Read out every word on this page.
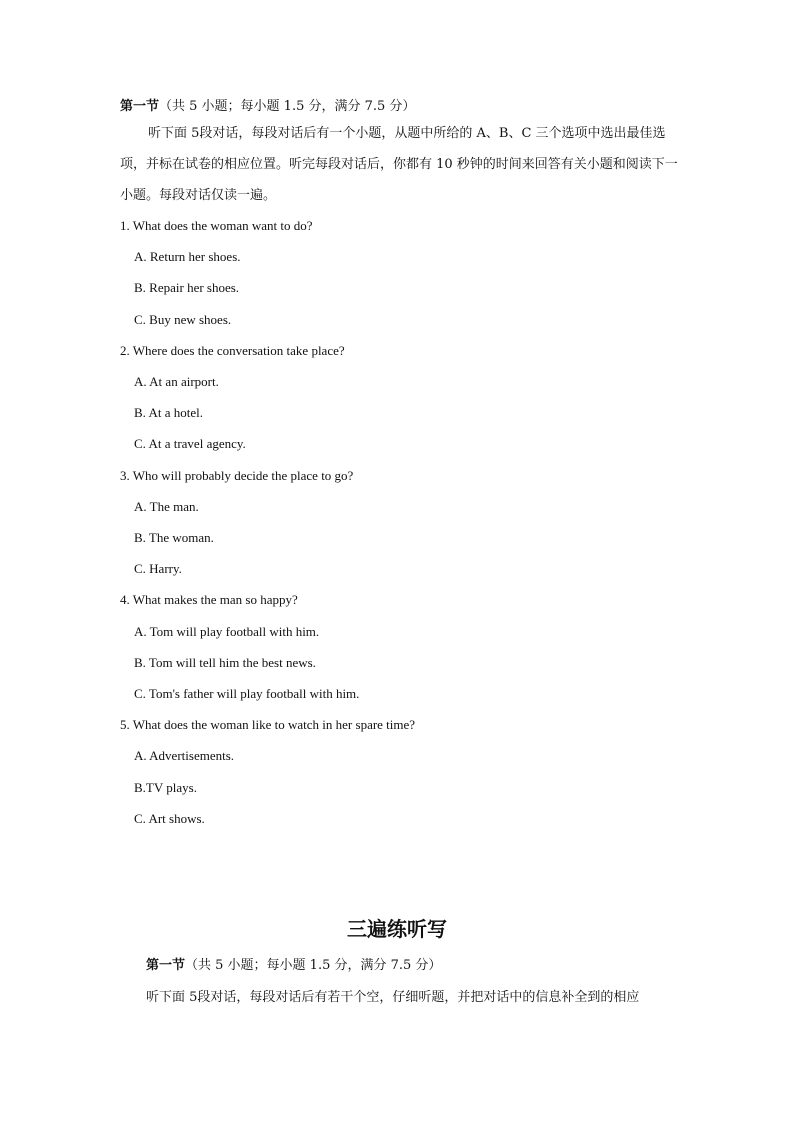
第一节（共 5 小题；每小题 1.5 分，满分 7.5 分）
听下面 5段对话，每段对话后有一个小题，从题中所给的 A、B、C 三个选项中选出最佳选项，并标在试卷的相应位置。听完每段对话后，你都有 10 秒钟的时间来回答有关小题和阅读下一小题。每段对话仅读一遍。
1. What does the woman want to do?
A. Return her shoes.
B. Repair her shoes.
C. Buy new shoes.
2. Where does the conversation take place?
A. At an airport.
B. At a hotel.
C. At a travel agency.
3. Who will probably decide the place to go?
A. The man.
B. The woman.
C. Harry.
4. What makes the man so happy?
A. Tom will play football with him.
B. Tom will tell him the best news.
C. Tom's father will play football with him.
5. What does the woman like to watch in her spare time?
A. Advertisements.
B.TV plays.
C. Art shows.
三遍练听写
第一节（共 5 小题；每小题 1.5 分，满分 7.5 分）
听下面 5段对话，每段对话后有若干个空，仔细听题，并把对话中的信息补全到的相应
